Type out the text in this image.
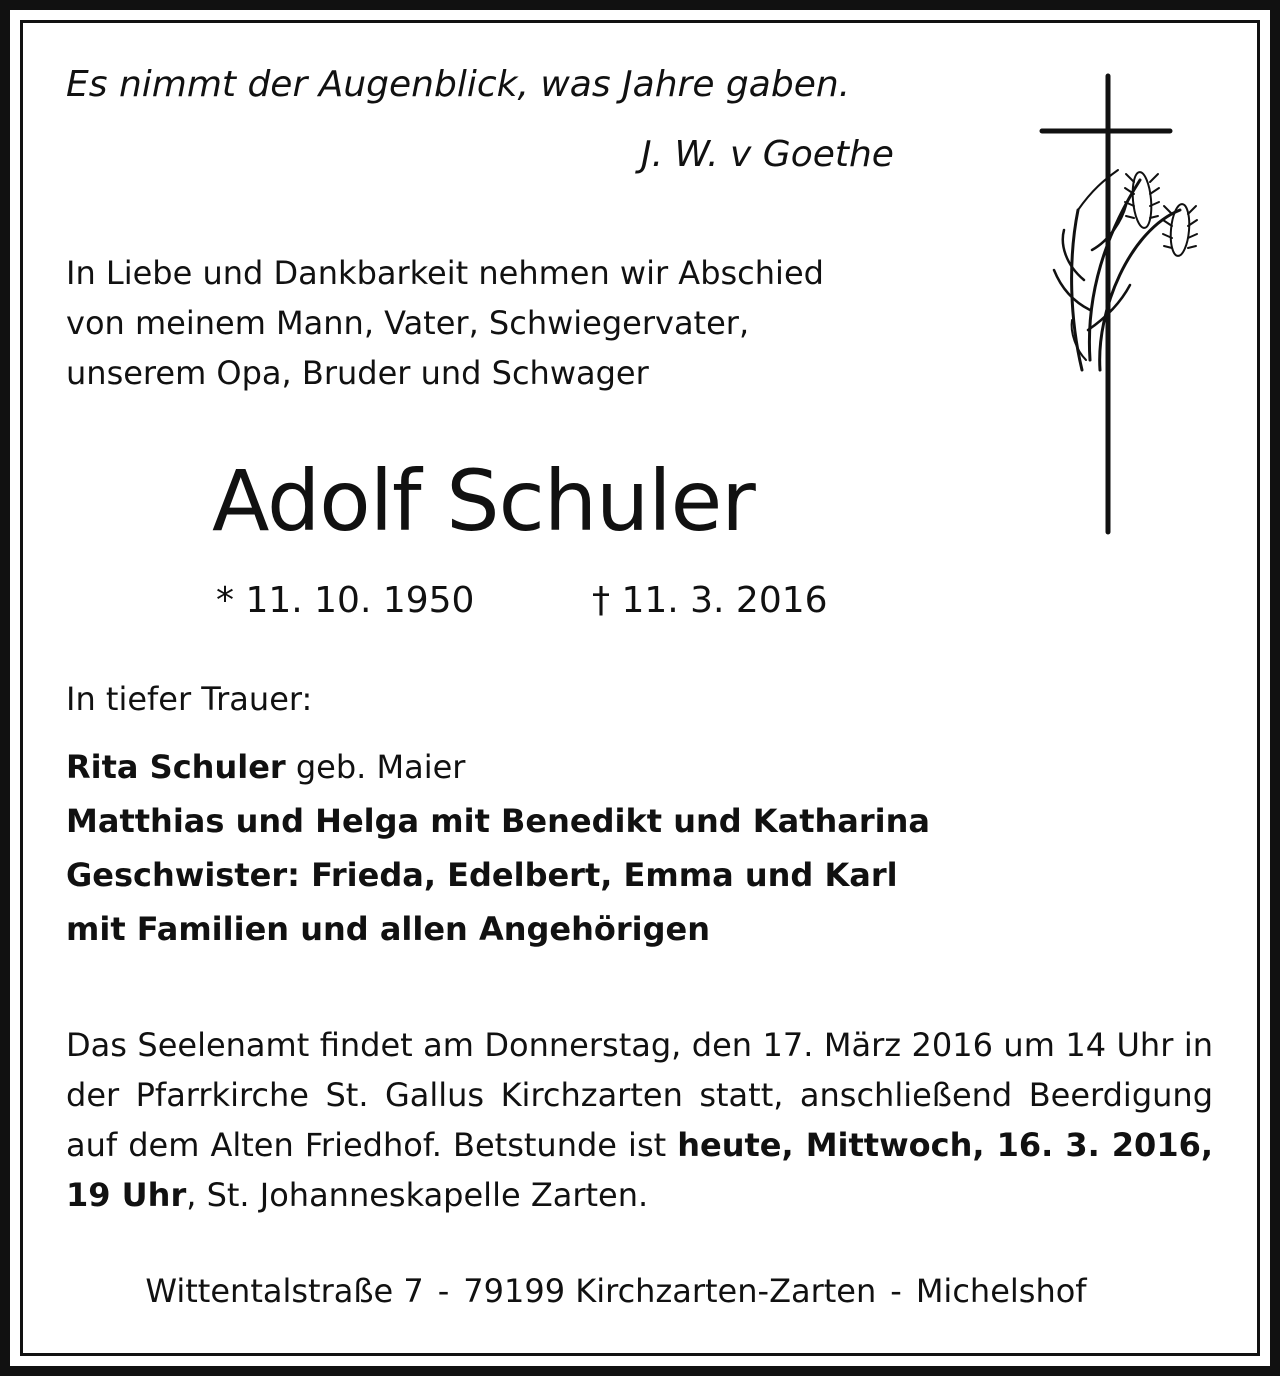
Es nimmt der Augenblick, was Jahre gaben.

J. W. v Goethe

In Liebe und Dankbarkeit nehmen wir Abschied
von meinem Mann, Vater, Schwiegervater,
unserem Opa, Bruder und Schwager

Adolf Schuler

* 11. 10. 1950	† 11. 3. 2016

In tiefer Trauer:

Rita Schuler geb. Maier
Matthias und Helga mit Benedikt und Katharina
Geschwister: Frieda, Edelbert, Emma und Karl
mit Familien und allen Angehörigen

Das Seelenamt findet am Donnerstag, den 17. März 2016 um 14 Uhr in der Pfarrkirche St. Gallus Kirchzarten statt, anschließend Beerdigung auf dem Alten Friedhof. Betstunde ist heute, Mittwoch, 16. 3. 2016, 19 Uhr, St. Johanneskapelle Zarten.

Wittentalstraße 7 - 79199 Kirchzarten-Zarten - Michelshof
